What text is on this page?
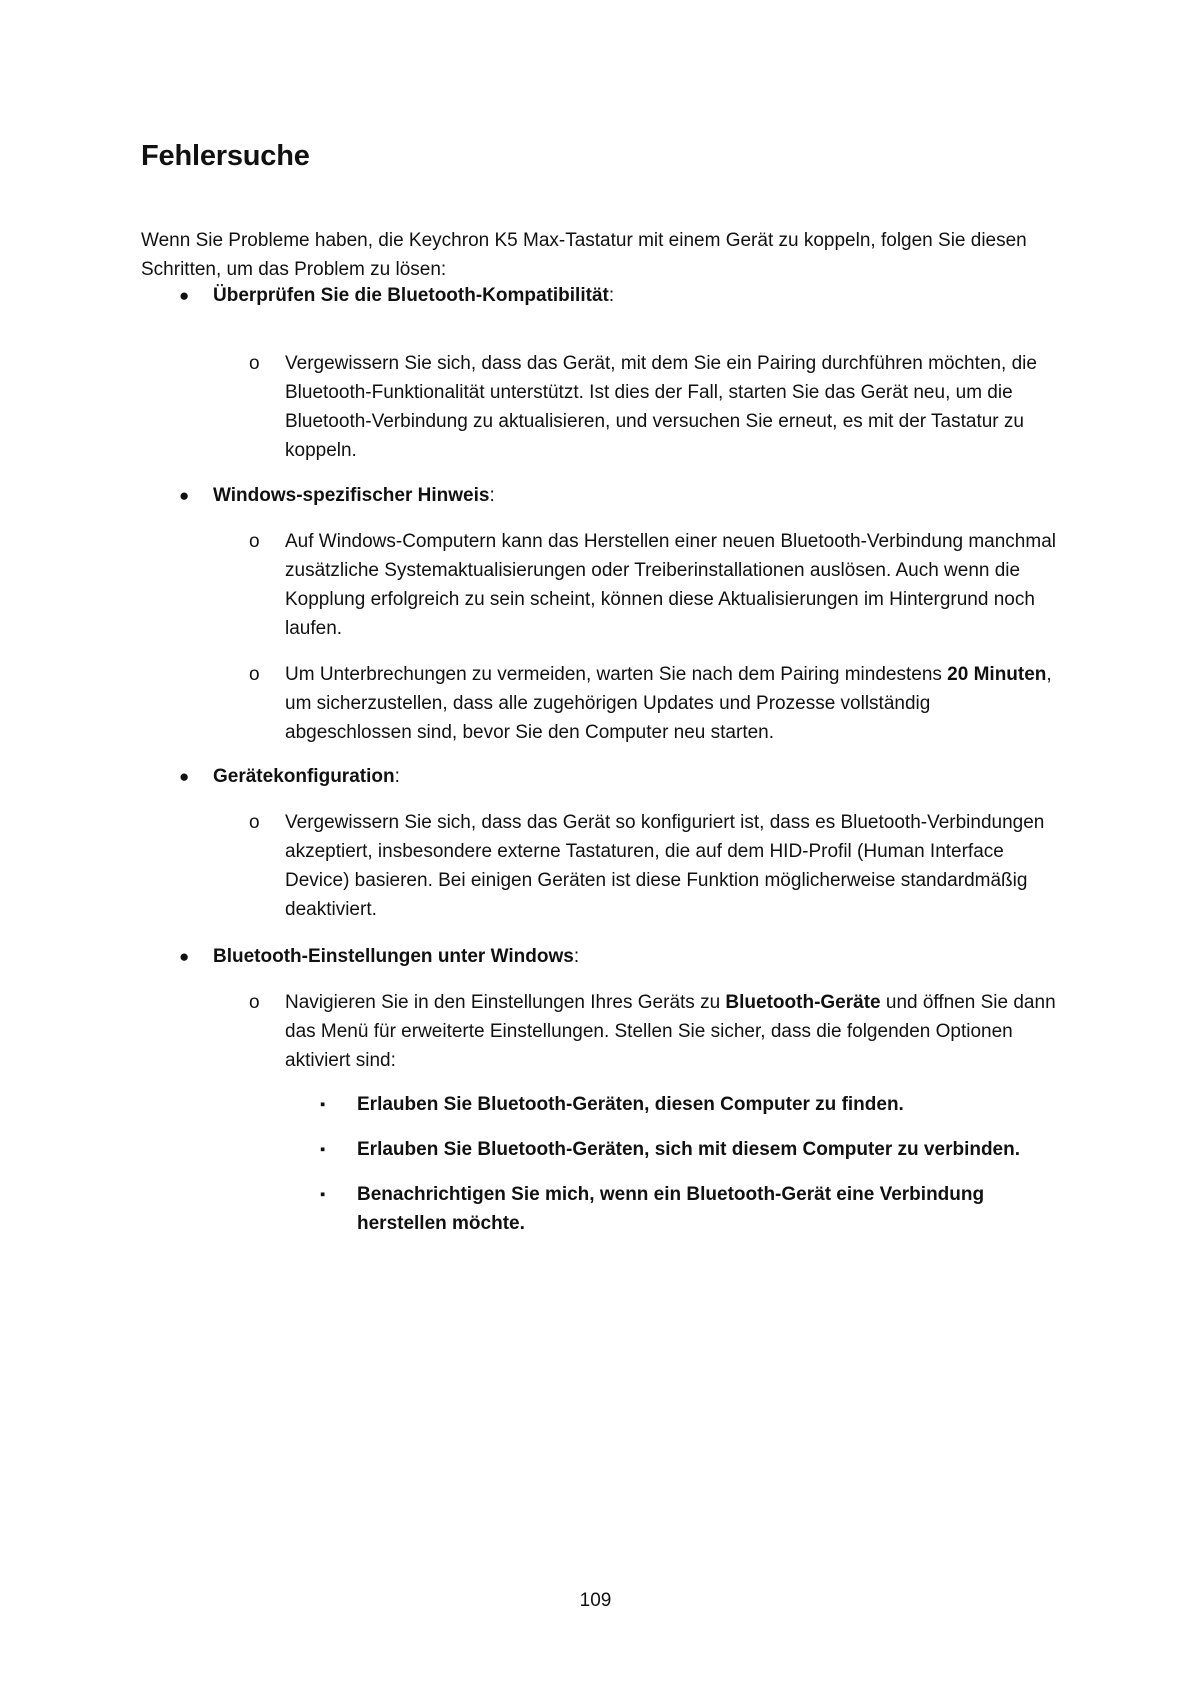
Fehlersuche

Wenn Sie Probleme haben, die Keychron K5 Max-Tastatur mit einem Gerät zu koppeln, folgen Sie diesen Schritten, um das Problem zu lösen:

● Überprüfen Sie die Bluetooth-Kompatibilität:
o Vergewissern Sie sich, dass das Gerät, mit dem Sie ein Pairing durchführen möchten, die Bluetooth-Funktionalität unterstützt. Ist dies der Fall, starten Sie das Gerät neu, um die Bluetooth-Verbindung zu aktualisieren, und versuchen Sie erneut, es mit der Tastatur zu koppeln.
● Windows-spezifischer Hinweis:
o Auf Windows-Computern kann das Herstellen einer neuen Bluetooth-Verbindung manchmal zusätzliche Systemaktualisierungen oder Treiberinstallationen auslösen. Auch wenn die Kopplung erfolgreich zu sein scheint, können diese Aktualisierungen im Hintergrund noch laufen.
o Um Unterbrechungen zu vermeiden, warten Sie nach dem Pairing mindestens 20 Minuten, um sicherzustellen, dass alle zugehörigen Updates und Prozesse vollständig abgeschlossen sind, bevor Sie den Computer neu starten.
● Gerätekonfiguration:
o Vergewissern Sie sich, dass das Gerät so konfiguriert ist, dass es Bluetooth-Verbindungen akzeptiert, insbesondere externe Tastaturen, die auf dem HID-Profil (Human Interface Device) basieren. Bei einigen Geräten ist diese Funktion möglicherweise standardmäßig deaktiviert.
● Bluetooth-Einstellungen unter Windows:
o Navigieren Sie in den Einstellungen Ihres Geräts zu Bluetooth-Geräte und öffnen Sie dann das Menü für erweiterte Einstellungen. Stellen Sie sicher, dass die folgenden Optionen aktiviert sind:
▪ Erlauben Sie Bluetooth-Geräten, diesen Computer zu finden.
▪ Erlauben Sie Bluetooth-Geräten, sich mit diesem Computer zu verbinden.
▪ Benachrichtigen Sie mich, wenn ein Bluetooth-Gerät eine Verbindung herstellen möchte.
109
